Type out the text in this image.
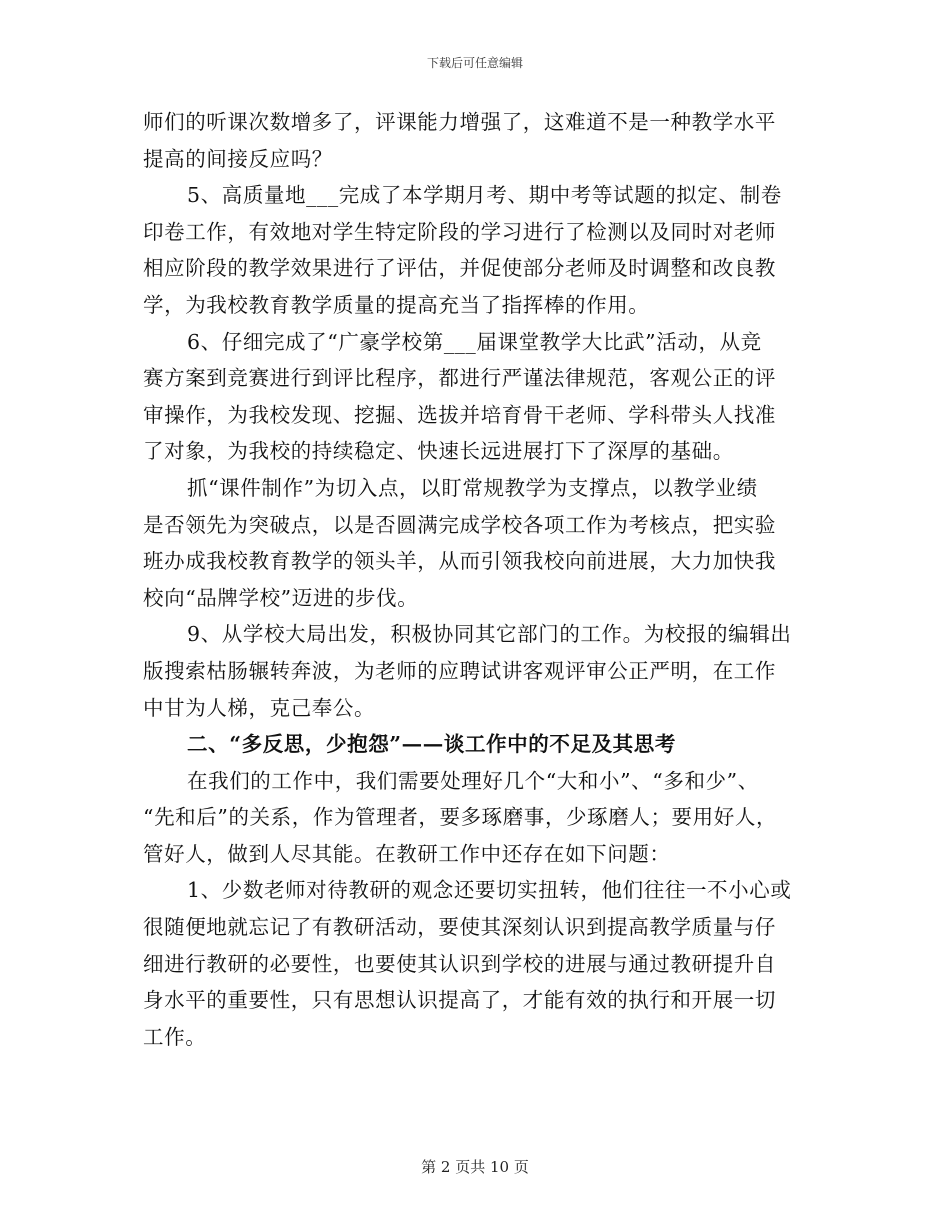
下载后可任意编辑
师们的听课次数增多了，评课能力增强了，这难道不是一种教学水平
提高的间接反应吗？
5、高质量地___完成了本学期月考、期中考等试题的拟定、制卷
印卷工作，有效地对学生特定阶段的学习进行了检测以及同时对老师
相应阶段的教学效果进行了评估，并促使部分老师及时调整和改良教
学，为我校教育教学质量的提高充当了指挥棒的作用。
6、仔细完成了“广豪学校第___届课堂教学大比武”活动，从竞
赛方案到竞赛进行到评比程序，都进行严谨法律规范，客观公正的评
审操作，为我校发现、挖掘、选拔并培育骨干老师、学科带头人找准
了对象，为我校的持续稳定、快速长远进展打下了深厚的基础。
抓“课件制作”为切入点，以盯常规教学为支撑点，以教学业绩
是否领先为突破点，以是否圆满完成学校各项工作为考核点，把实验
班办成我校教育教学的领头羊，从而引领我校向前进展，大力加快我
校向“品牌学校”迈进的步伐。
9、从学校大局出发，积极协同其它部门的工作。为校报的编辑出
版搜索枯肠辗转奔波，为老师的应聘试讲客观评审公正严明，在工作
中甘为人梯，克己奉公。
二、“多反思，少抱怨”——谈工作中的不足及其思考
在我们的工作中，我们需要处理好几个“大和小”、“多和少”、
“先和后”的关系，作为管理者，要多琢磨事，少琢磨人；要用好人，
管好人，做到人尽其能。在教研工作中还存在如下问题：
1、少数老师对待教研的观念还要切实扭转，他们往往一不小心或
很随便地就忘记了有教研活动，要使其深刻认识到提高教学质量与仔
细进行教研的必要性，也要使其认识到学校的进展与通过教研提升自
身水平的重要性，只有思想认识提高了，才能有效的执行和开展一切
工作。
第 2 页共 10 页
